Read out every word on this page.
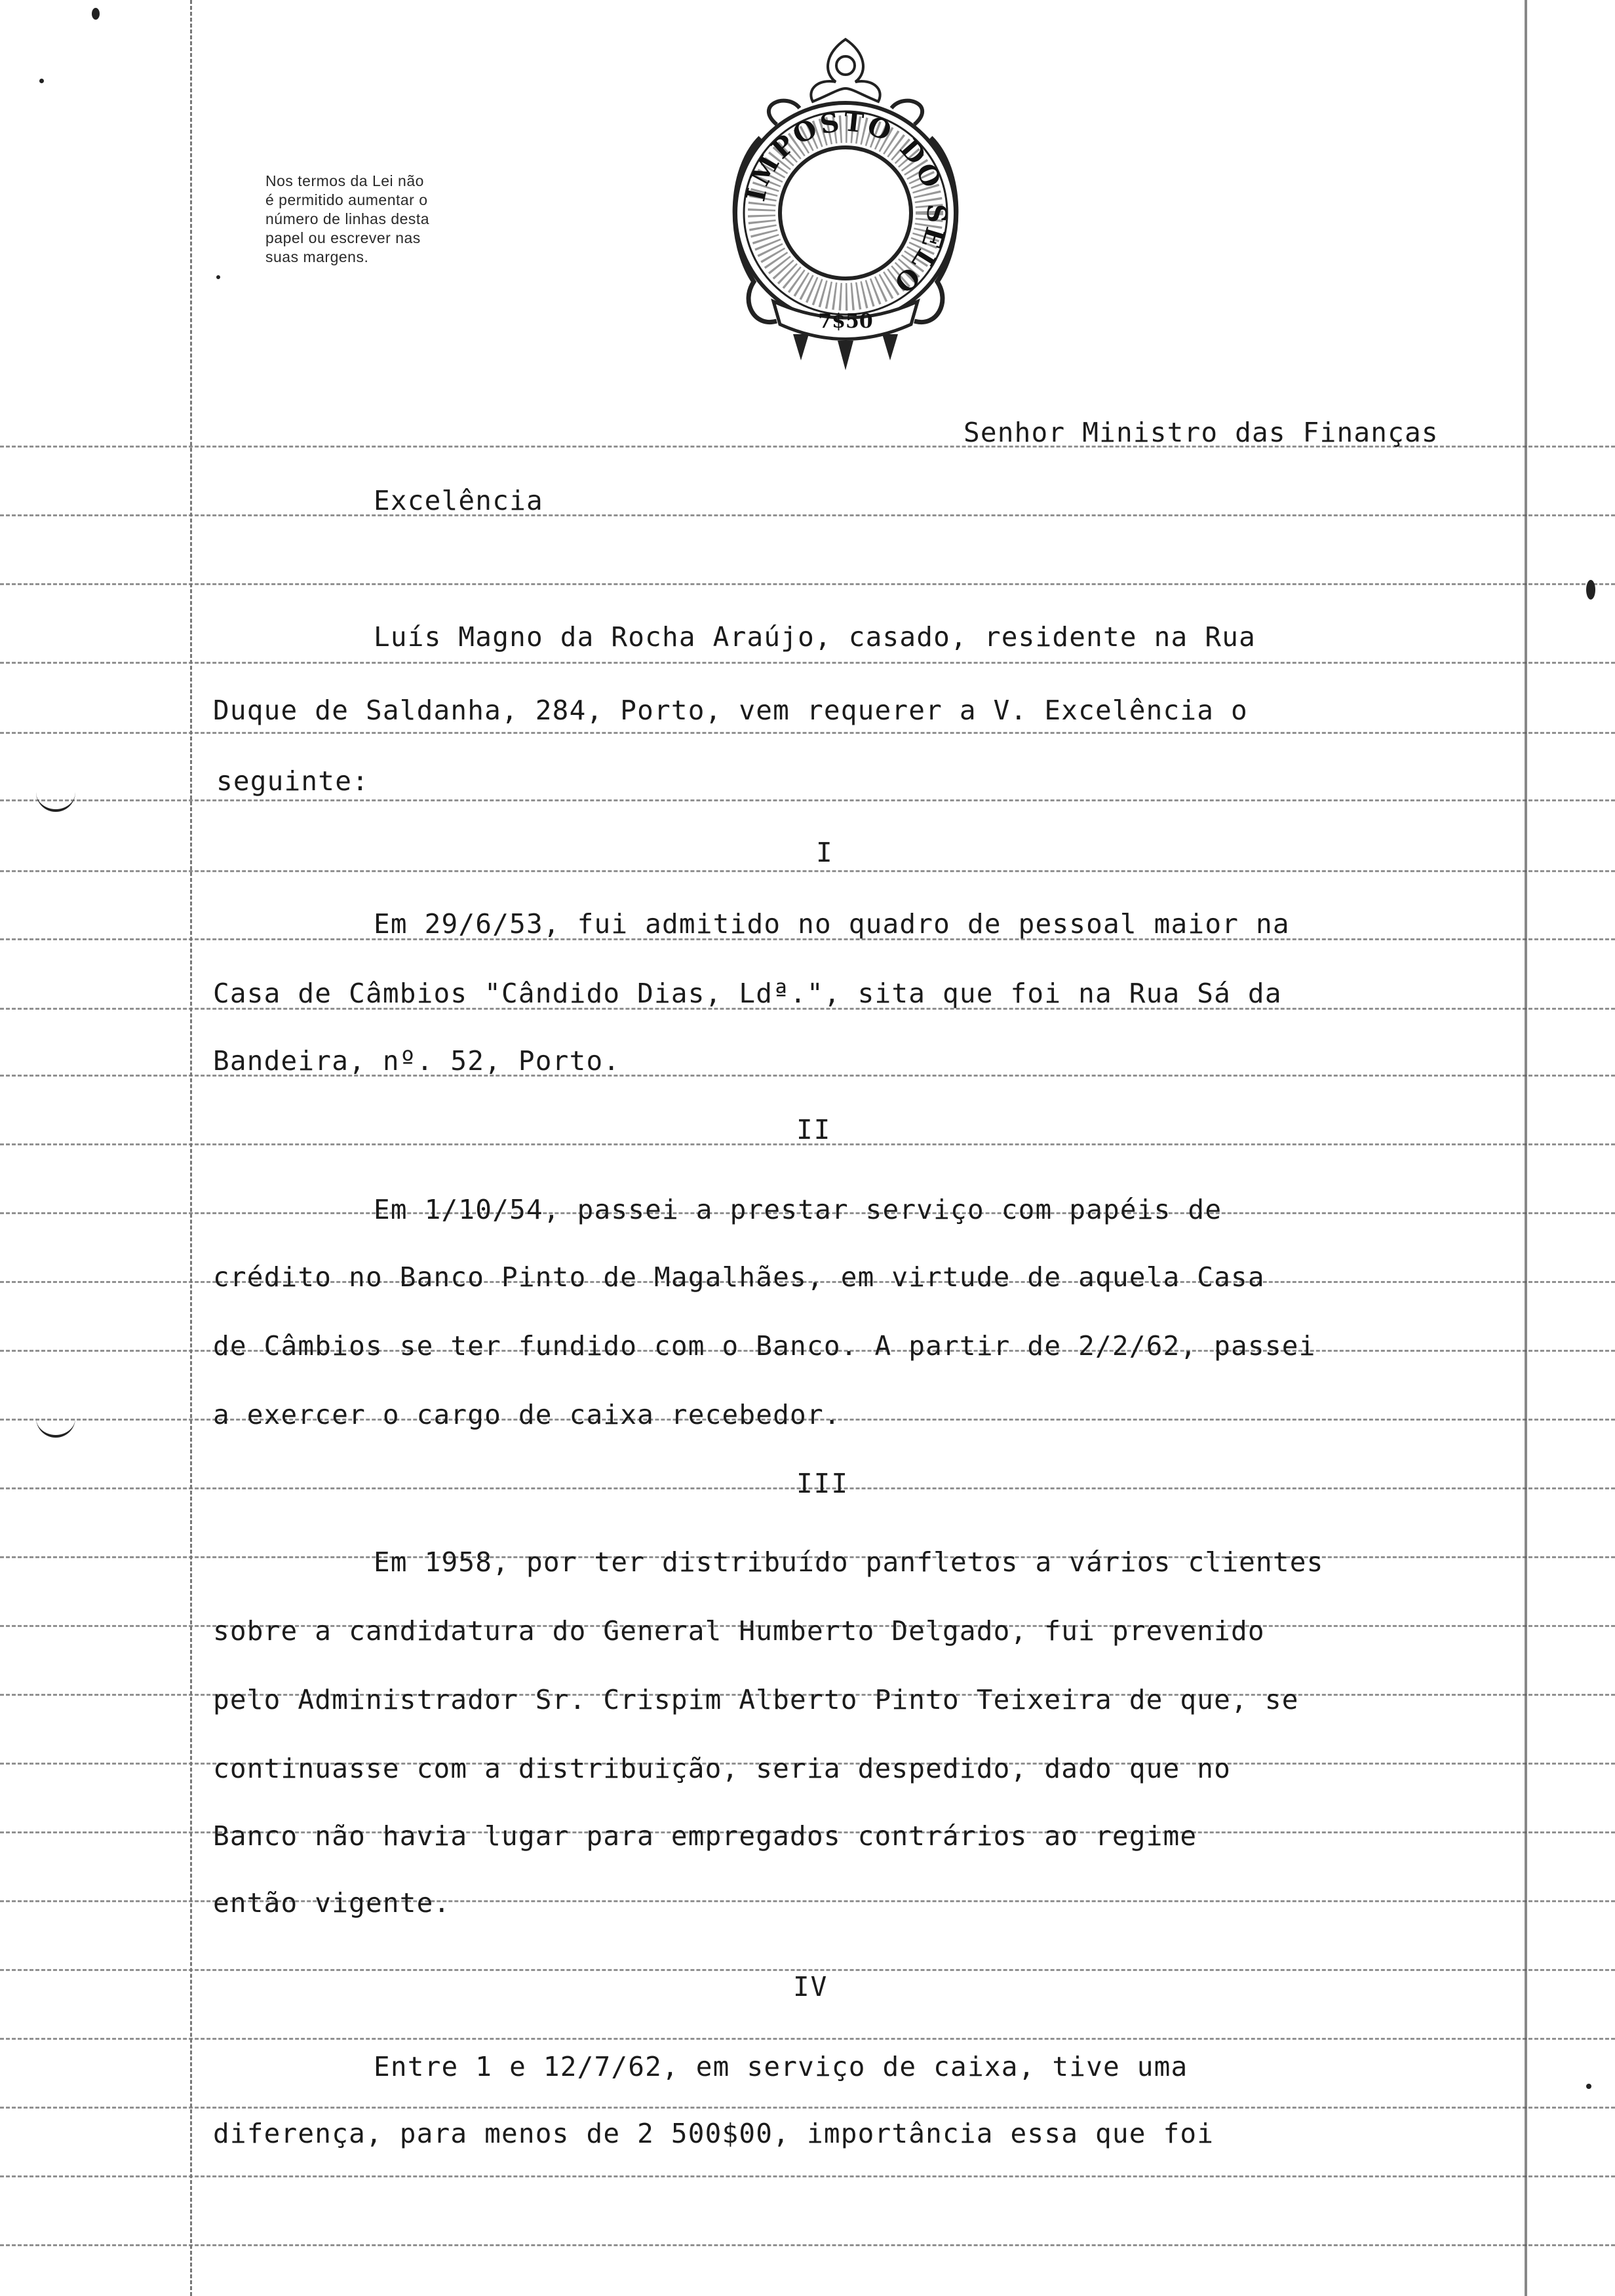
IMPOSTO DO SELO
7$50
Nos termos da Lei não
é permitido aumentar o
número de linhas desta
papel ou escrever nas
suas margens.
Senhor Ministro das Finanças
Excelência
Luís Magno da Rocha Araújo, casado, residente na Rua
Duque de Saldanha, 284, Porto, vem requerer a V. Excelência o
seguinte:
I
Em 29/6/53, fui admitido no quadro de pessoal maior na
Casa de Câmbios "Cândido Dias, Ldª.", sita que foi na Rua Sá da
Bandeira, nº. 52, Porto.
II
Em 1/10/54, passei a prestar serviço com papéis de
crédito no Banco Pinto de Magalhães, em virtude de aquela Casa
de Câmbios se ter fundido com o Banco. A partir de 2/2/62, passei
a exercer o cargo de caixa recebedor.
III
Em 1958, por ter distribuído panfletos a vários clientes
sobre a candidatura do General Humberto Delgado, fui prevenido
pelo Administrador Sr. Crispim Alberto Pinto Teixeira de que, se
continuasse com a distribuição, seria despedido, dado que no
Banco não havia lugar para empregados contrários ao regime
então vigente.
IV
Entre 1 e 12/7/62, em serviço de caixa, tive uma
diferença, para menos de 2 500$00, importância essa que foi
